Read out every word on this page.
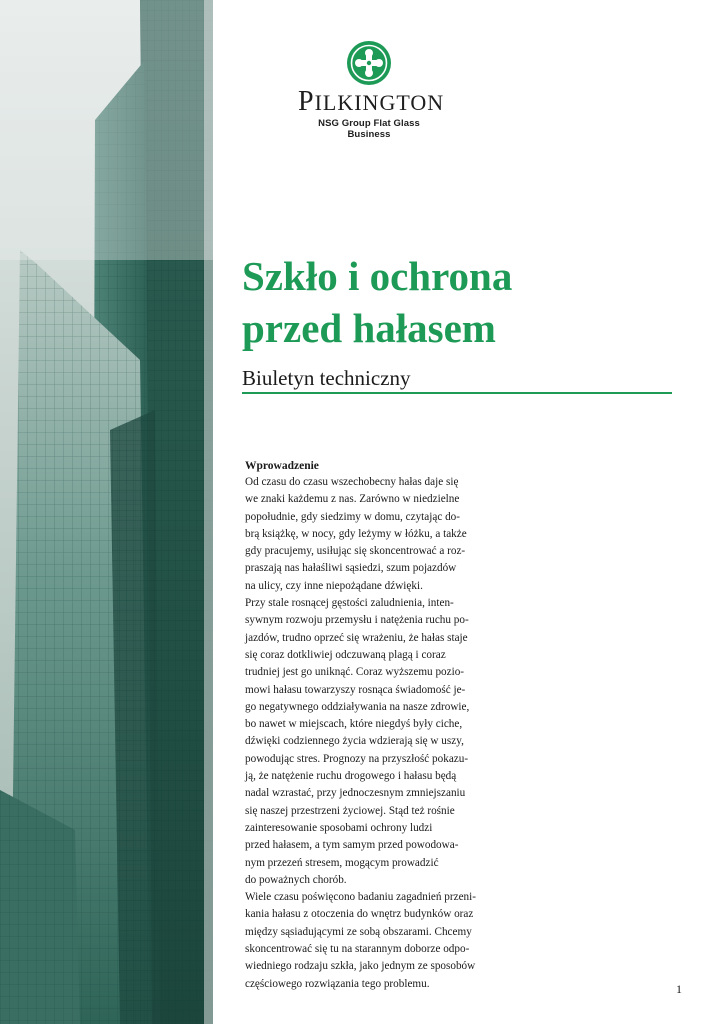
PILKINGTON
NSG Group Flat Glass Business
Szkło i ochrona
przed hałasem

Biuletyn techniczny

Wprowadzenie
Od czasu do czasu wszechobecny hałas daje się
we znaki każdemu z nas. Zarówno w niedzielne
popołudnie, gdy siedzimy w domu, czytając do-
brą książkę, w nocy, gdy leżymy w łóżku, a także
gdy pracujemy, usiłując się skoncentrować a roz-
praszają nas hałaśliwi sąsiedzi, szum pojazdów
na ulicy, czy inne niepożądane dźwięki.
Przy stale rosnącej gęstości zaludnienia, inten-
sywnym rozwoju przemysłu i natężenia ruchu po-
jazdów, trudno oprzeć się wrażeniu, że hałas staje
się coraz dotkliwiej odczuwaną plagą i coraz
trudniej jest go uniknąć. Coraz wyższemu pozio-
mowi hałasu towarzyszy rosnąca świadomość je-
go negatywnego oddziaływania na nasze zdrowie,
bo nawet w miejscach, które niegdyś były ciche,
dźwięki codziennego życia wdzierają się w uszy,
powodując stres. Prognozy na przyszłość pokazu-
ją, że natężenie ruchu drogowego i hałasu będą
nadal wzrastać, przy jednoczesnym zmniejszaniu
się naszej przestrzeni życiowej. Stąd też rośnie
zainteresowanie sposobami ochrony ludzi
przed hałasem, a tym samym przed powodowa-
nym przezeń stresem, mogącym prowadzić
do poważnych chorób.
Wiele czasu poświęcono badaniu zagadnień przeni-
kania hałasu z otoczenia do wnętrz budynków oraz
między sąsiadującymi ze sobą obszarami. Chcemy
skoncentrować się tu na starannym doborze odpo-
wiedniego rodzaju szkła, jako jednym ze sposobów
częściowego rozwiązania tego problemu.	1
